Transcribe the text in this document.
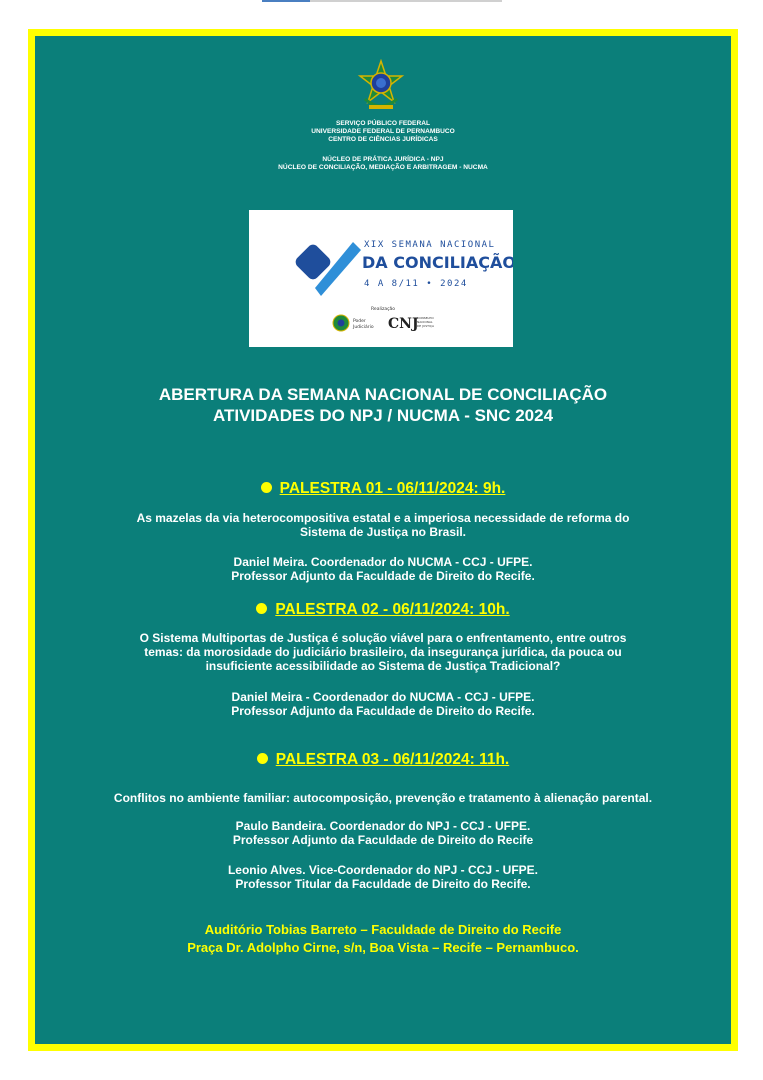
SERVIÇO PÚBLICO FEDERAL
UNIVERSIDADE FEDERAL DE PERNAMBUCO
CENTRO DE CIÊNCIAS JURÍDICAS
NÚCLEO DE PRÁTICA JURÍDICA - NPJ
NÚCLEO DE CONCILIAÇÃO, MEDIAÇÃO E ARBITRAGEM - NUCMA
XIX SEMANA NACIONAL
DA CONCILIAÇÃO
4 A 8/11 • 2024
Realização
Poder
Judiciário CNJ
CONSELHO
NACIONAL
DE JUSTIÇA
ABERTURA DA SEMANA NACIONAL DE CONCILIAÇÃO
ATIVIDADES DO NPJ / NUCMA - SNC 2024
PALESTRA 01 - 06/11/2024: 9h.
As mazelas da via heterocompositiva estatal e a imperiosa necessidade de reforma do
Sistema de Justiça no Brasil.
Daniel Meira. Coordenador do NUCMA - CCJ - UFPE.
Professor Adjunto da Faculdade de Direito do Recife.
PALESTRA 02 - 06/11/2024: 10h.
O Sistema Multiportas de Justiça é solução viável para o enfrentamento, entre outros
temas: da morosidade do judiciário brasileiro, da insegurança jurídica, da pouca ou
insuficiente acessibilidade ao Sistema de Justiça Tradicional?
Daniel Meira - Coordenador do NUCMA - CCJ - UFPE.
Professor Adjunto da Faculdade de Direito do Recife.
PALESTRA 03 - 06/11/2024: 11h.
Conflitos no ambiente familiar: autocomposição, prevenção e tratamento à alienação parental.
Paulo Bandeira. Coordenador do NPJ - CCJ - UFPE.
Professor Adjunto da Faculdade de Direito do Recife
Leonio Alves. Vice-Coordenador do NPJ - CCJ - UFPE.
Professor Titular da Faculdade de Direito do Recife.
Auditório Tobias Barreto – Faculdade de Direito do Recife
Praça Dr. Adolpho Cirne, s/n, Boa Vista – Recife – Pernambuco.
